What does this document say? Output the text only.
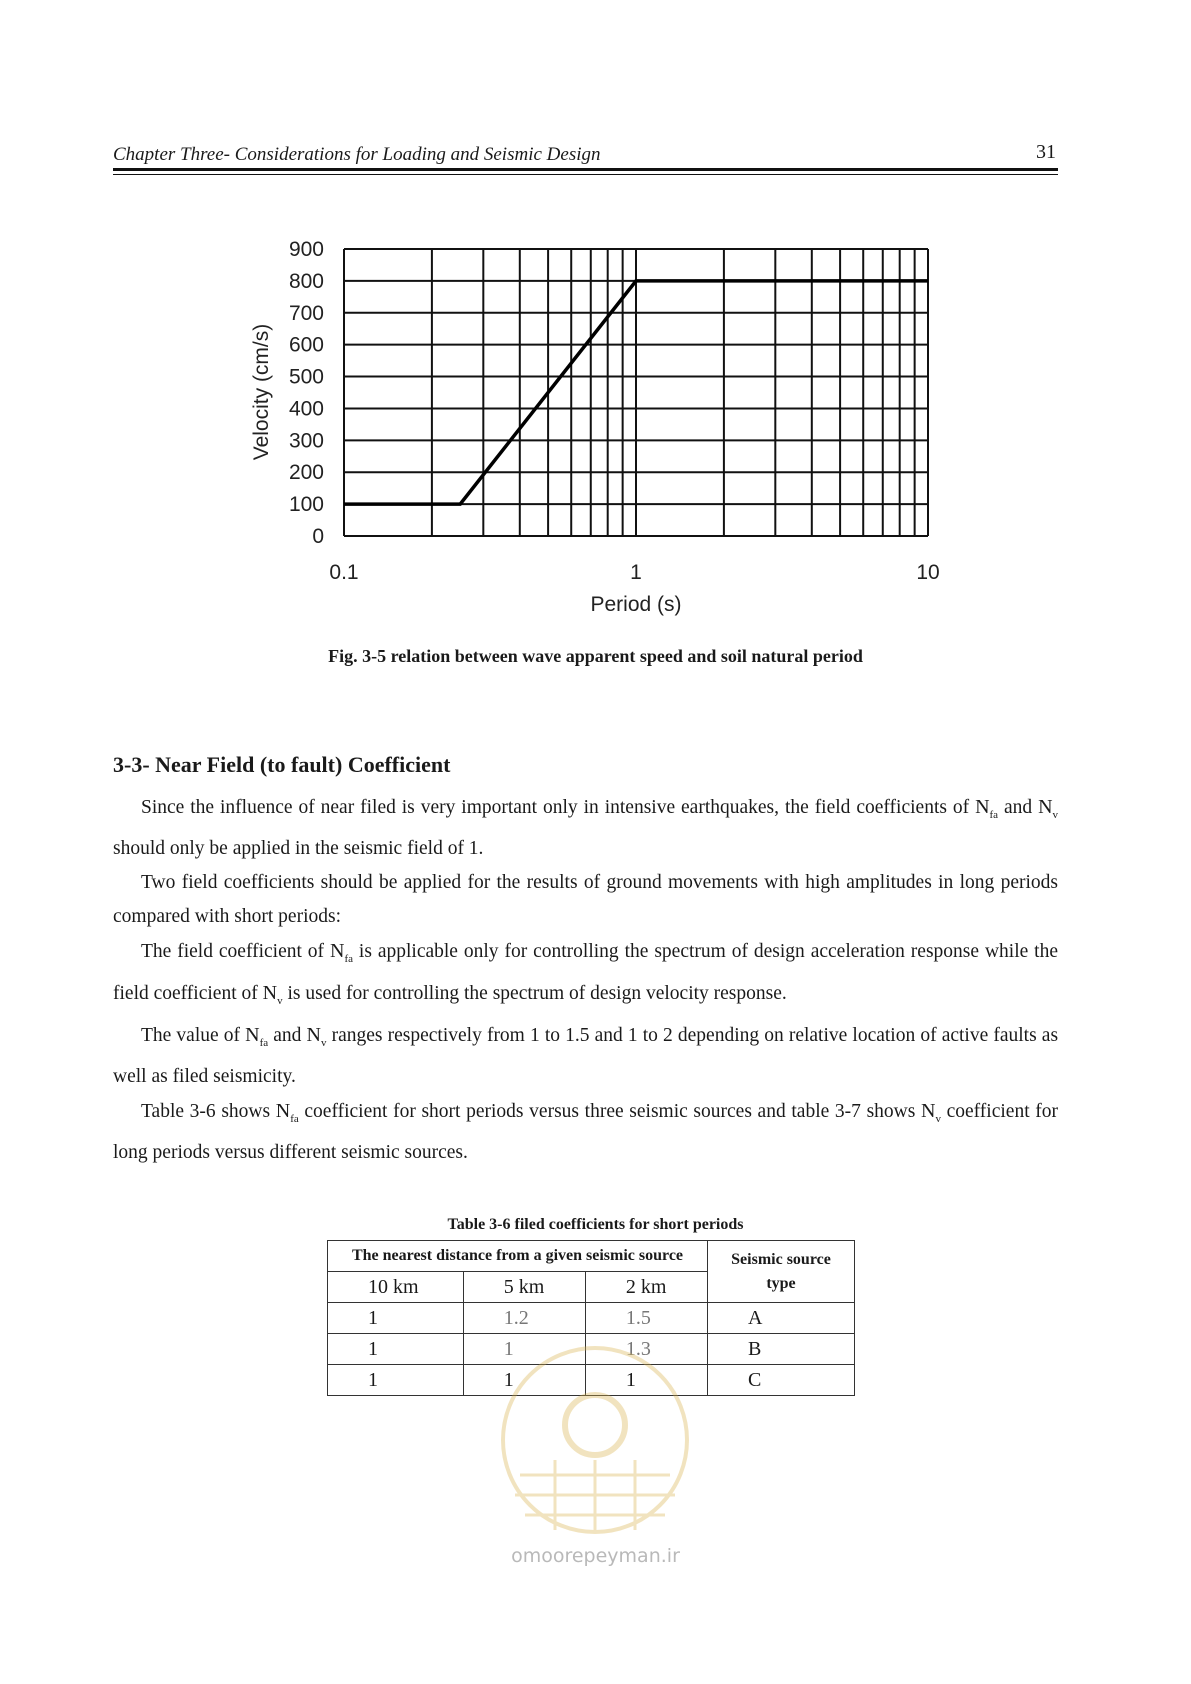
Chapter Three- Considerations for Loading and Seismic Design	31
0
100
200
300
400
500
600
700
800
900
0.1	1	10
Velocity (cm/s)
Period (s)
Fig. 3-5 relation between wave apparent speed and soil natural period
3-3- Near Field (to fault) Coefficient

Since the influence of near filed is very important only in intensive earthquakes, the field coefficients of $N_{fa}$ and $N_v$ should only be applied in the seismic field of 1.

Two field coefficients should be applied for the results of ground movements with high amplitudes in long periods compared with short periods:

The field coefficient of $N_{fa}$ is applicable only for controlling the spectrum of design acceleration response while the field coefficient of $N_v$ is used for controlling the spectrum of design velocity response.

The value of $N_{fa}$ and $N_v$ ranges respectively from 1 to 1.5 and 1 to 2 depending on relative location of active faults as well as filed seismicity.

Table 3-6 shows $N_{fa}$ coefficient for short periods versus three seismic sources and table 3-7 shows $N_v$ coefficient for long periods versus different seismic sources.

Table 3-6 filed coefficients for short periods
The nearest distance from a given seismic source			Seismic source type
10 km	5 km	2 km	
1	1.2	1.5	A
1	1	1.3	B
1	1	1	C
omoorepeyman.ir
